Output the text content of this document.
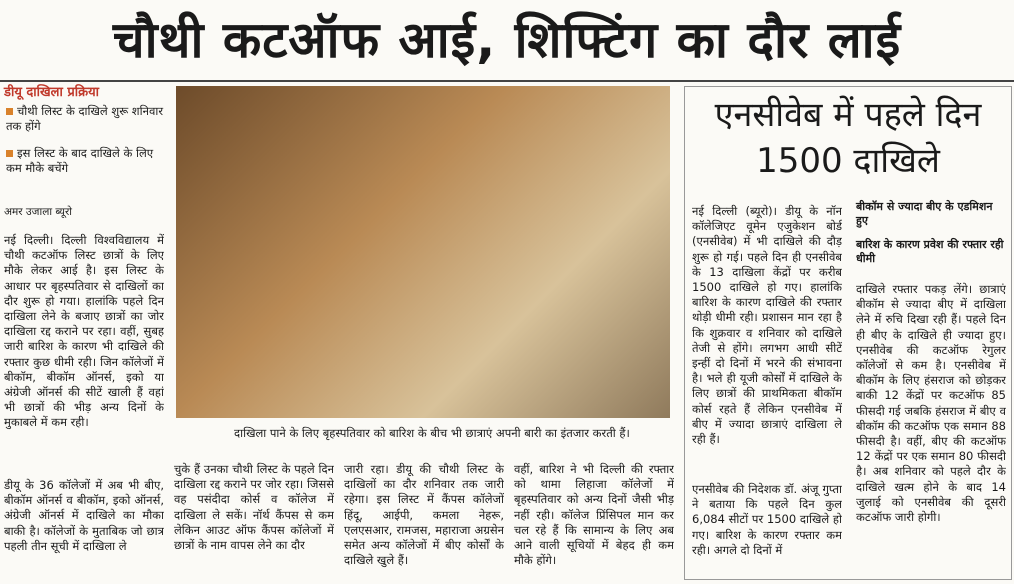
चौथी कटऑफ आई, शिफ्टिंग का दौर लाई
डीयू दाखिला प्रक्रिया
चौथी लिस्ट के दाखिले शुरू शनिवार तक होंगे
इस लिस्ट के बाद दाखिले के लिए कम मौके बचेंगे
अमर उजाला ब्यूरो
नई दिल्ली। दिल्ली विश्वविद्यालय में चौथी कटऑफ लिस्ट छात्रों के लिए मौके लेकर आई है। इस लिस्ट के आधार पर बृहस्पतिवार से दाखिलों का दौर शुरू हो गया। हालांकि पहले दिन दाखिला लेने के बजाए छात्रों का जोर दाखिला रद्द कराने पर रहा। वहीं, सुबह जारी बारिश के कारण भी दाखिले की रफ्तार कुछ धीमी रही। जिन कॉलेजों में बीकॉम, बीकॉम ऑनर्स, इको या अंग्रेजी ऑनर्स की सीटें खाली हैं वहां भी छात्रों की भीड़ अन्य दिनों के मुकाबले में कम रही।
डीयू के 36 कॉलेजों में अब भी बीए, बीकॉम ऑनर्स व बीकॉम, इको ऑनर्स, अंग्रेजी ऑनर्स में दाखिले का मौका बाकी है। कॉलेजों के मुताबिक जो छात्र पहली तीन सूची में दाखिला ले
दाखिला पाने के लिए बृहस्पतिवार को बारिश के बीच भी छात्राएं अपनी बारी का इंतजार करती हैं।
चुके हैं उनका चौथी लिस्ट के पहले दिन दाखिला रद्द कराने पर जोर रहा। जिससे वह पसंदीदा कोर्स व कॉलेज में दाखिला ले सकें। नॉर्थ कैंपस से कम लेकिन आउट ऑफ कैंपस कॉलेजों में छात्रों के नाम वापस लेने का दौर
जारी रहा। डीयू की चौथी लिस्ट के दाखिलों का दौर शनिवार तक जारी रहेगा। इस लिस्ट में कैंपस कॉलेजों हिंदू, आईपी, कमला नेहरू, एलएसआर, रामजस, महाराजा अग्रसेन समेत अन्य कॉलेजों में बीए कोर्सों के दाखिले खुले हैं।
वहीं, बारिश ने भी दिल्ली की रफ्तार को थामा लिहाजा कॉलेजों में बृहस्पतिवार को अन्य दिनों जैसी भीड़ नहीं रही। कॉलेज प्रिंसिपल मान कर चल रहे हैं कि सामान्य के लिए अब आने वाली सूचियों में बेहद ही कम मौके होंगे।
एनसीवेब में पहले दिन 1500 दाखिले
बीकॉम से ज्यादा बीए के एडमिशन हुए
बारिश के कारण प्रवेश की रफ्तार रही धीमी
नई दिल्ली (ब्यूरो)। डीयू के नॉन कॉलेजिएट वूमेन एजुकेशन बोर्ड (एनसीवेब) में भी दाखिले की दौड़ शुरू हो गई। पहले दिन ही एनसीवेब के 13 दाखिला केंद्रों पर करीब 1500 दाखिले हो गए। हालांकि बारिश के कारण दाखिले की रफ्तार थोड़ी धीमी रही। प्रशासन मान रहा है कि शुक्रवार व शनिवार को दाखिले तेजी से होंगे। लगभग आधी सीटें इन्हीं दो दिनों में भरने की संभावना है। भले ही यूजी कोर्सों में दाखिले के लिए छात्रों की प्राथमिकता बीकॉम कोर्स रहते हैं लेकिन एनसीवेब में बीए में ज्यादा छात्राएं दाखिला ले रही हैं।
एनसीवेब की निदेशक डॉ. अंजू गुप्ता ने बताया कि पहले दिन कुल 6,084 सीटों पर 1500 दाखिले हो गए। बारिश के कारण रफ्तार कम रही। अगले दो दिनों में
दाखिले रफ्तार पकड़ लेंगे। छात्राएं बीकॉम से ज्यादा बीए में दाखिला लेने में रुचि दिखा रही हैं। पहले दिन ही बीए के दाखिले ही ज्यादा हुए। एनसीवेब की कटऑफ रेगुलर कॉलेजों से कम है। एनसीवेब में बीकॉम के लिए हंसराज को छोड़कर बाकी 12 केंद्रों पर कटऑफ 85 फीसदी गई जबकि हंसराज में बीए व बीकॉम की कटऑफ एक समान 88 फीसदी है। वहीं, बीए की कटऑफ 12 केंद्रों पर एक समान 80 फीसदी है। अब शनिवार को पहले दौर के दाखिले खत्म होने के बाद 14 जुलाई को एनसीवेब की दूसरी कटऑफ जारी होगी।
